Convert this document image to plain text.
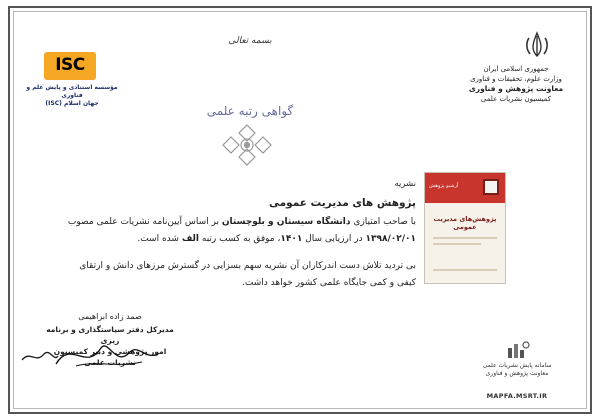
جمهوری اسلامی ایران
وزارت علوم، تحقیقات و فناوری
معاونت پژوهش و فناوری
کمیسیون نشریات علمی
ISC
مؤسسه استنادی و پایش علم و فناوری
جهان اسلام (ISC)
بسمه تعالی
گواهی رتبه علمی
نشریه
پژوهش های مدیریت عمومی
با صاحب امتیازی دانشگاه سیستان و بلوچستان بر اساس آیین‌نامه نشریات علمی مصوب
۱۳۹۸/۰۲/۰۱ در ارزیابی سال ۱۴۰۱، موفق به کسب رتبه الف شده است.
بی تردید تلاش دست اندرکاران آن نشریه سهم بسزایی در گسترش مرزهای دانش و ارتقای
کیفی و کمی جایگاه علمی کشور خواهد داشت.
آرشیو پژوهش
پژوهش‌های مدیریت عمومی
صمد زاده ابراهیمی
مدیرکل دفتر سیاستگذاری و برنامه ریزی
امور پژوهشی و دبیر کمیسیون
نشریات علمی	سامانه پایش نشریات علمی
معاونت پژوهش و فناوری
MAPFA.MSRT.IR
